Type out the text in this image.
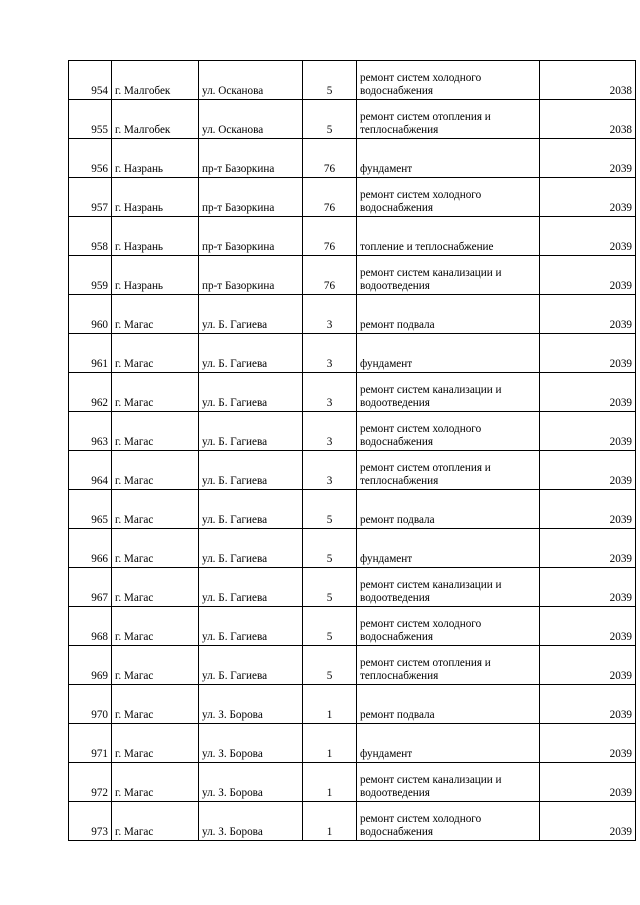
954	г. Малгобек	ул. Осканова	5	ремонт систем холодного водоснабжения	2038
955	г. Малгобек	ул. Осканова	5	ремонт систем отопления и теплоснабжения	2038
956	г. Назрань	пр-т Базоркина	76	фундамент	2039
957	г. Назрань	пр-т Базоркина	76	ремонт систем холодного водоснабжения	2039
958	г. Назрань	пр-т Базоркина	76	топление и теплоснабжение	2039
959	г. Назрань	пр-т Базоркина	76	ремонт систем канализации и водоотведения	2039
960	г. Магас	ул. Б. Гагиева	3	ремонт подвала	2039
961	г. Магас	ул. Б. Гагиева	3	фундамент	2039
962	г. Магас	ул. Б. Гагиева	3	ремонт систем канализации и водоотведения	2039
963	г. Магас	ул. Б. Гагиева	3	ремонт систем холодного водоснабжения	2039
964	г. Магас	ул. Б. Гагиева	3	ремонт систем отопления и теплоснабжения	2039
965	г. Магас	ул. Б. Гагиева	5	ремонт подвала	2039
966	г. Магас	ул. Б. Гагиева	5	фундамент	2039
967	г. Магас	ул. Б. Гагиева	5	ремонт систем канализации и водоотведения	2039
968	г. Магас	ул. Б. Гагиева	5	ремонт систем холодного водоснабжения	2039
969	г. Магас	ул. Б. Гагиева	5	ремонт систем отопления и теплоснабжения	2039
970	г. Магас	ул. З. Борова	1	ремонт подвала	2039
971	г. Магас	ул. З. Борова	1	фундамент	2039
972	г. Магас	ул. З. Борова	1	ремонт систем канализации и водоотведения	2039
973	г. Магас	ул. З. Борова	1	ремонт систем холодного водоснабжения	2039
